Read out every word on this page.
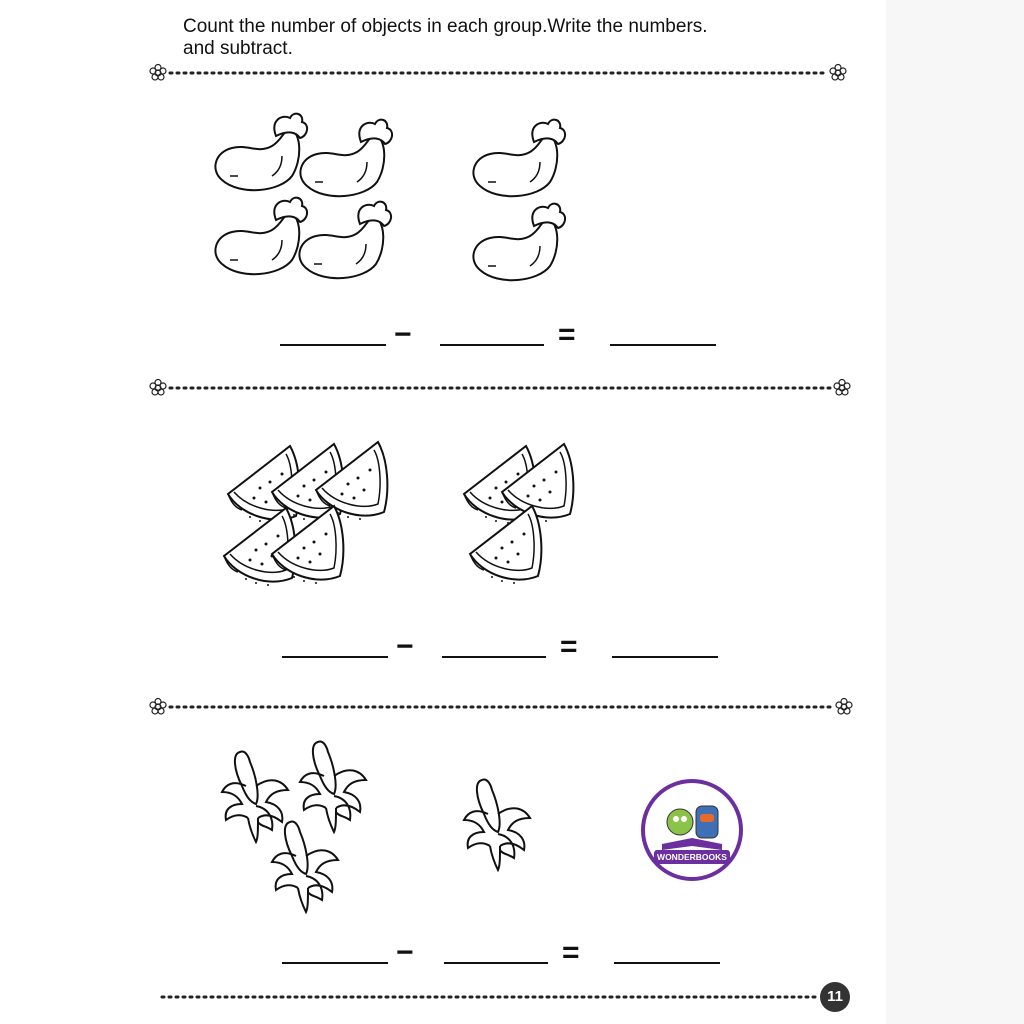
Count the number of objects in each group.Write the numbers.
and subtract.
−	=
−	=
WONDERBOOKS
−	=
11
